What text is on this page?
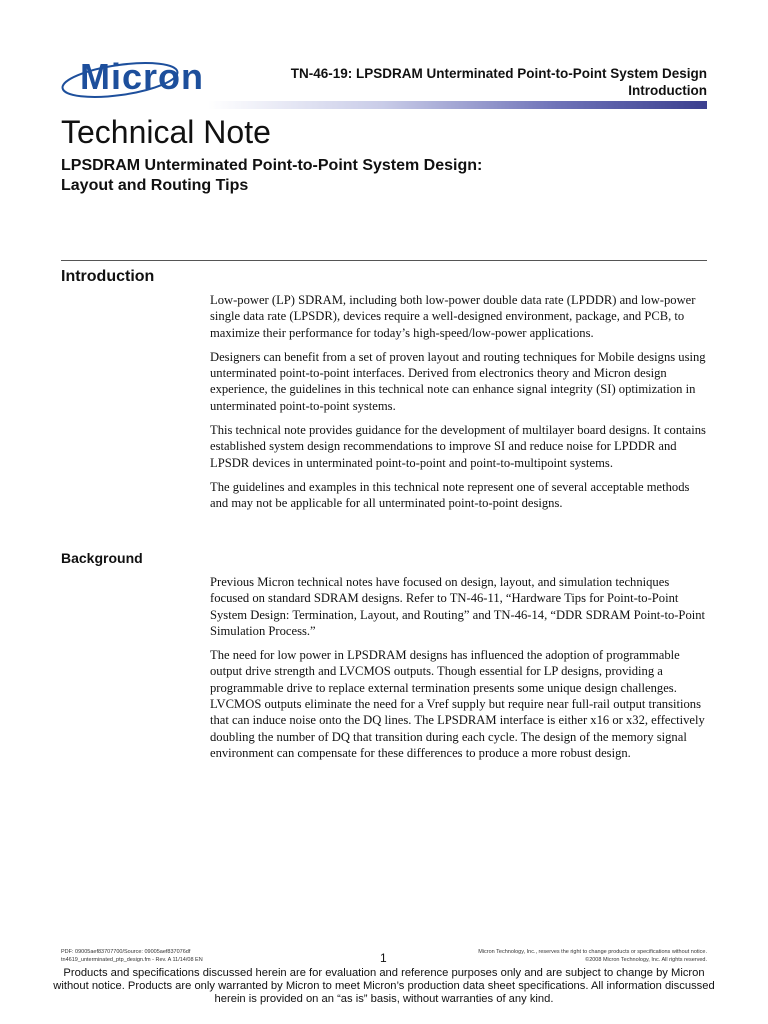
Micron	TN-46-19: LPSDRAM Unterminated Point-to-Point System Design
Introduction
Technical Note
LPSDRAM Unterminated Point-to-Point System Design:
Layout and Routing Tips
Introduction

Low-power (LP) SDRAM, including both low-power double data rate (LPDDR) and low-power single data rate (LPSDR), devices require a well-designed environment, package, and PCB, to maximize their performance for today’s high-speed/low-power applications.

Designers can benefit from a set of proven layout and routing techniques for Mobile designs using unterminated point-to-point interfaces. Derived from electronics theory and Micron design experience, the guidelines in this technical note can enhance signal integrity (SI) optimization in unterminated point-to-point systems.

This technical note provides guidance for the development of multilayer board designs. It contains established system design recommendations to improve SI and reduce noise for LPDDR and LPSDR devices in unterminated point-to-point and point-to-multipoint systems.

The guidelines and examples in this technical note represent one of several acceptable methods and may not be applicable for all unterminated point-to-point designs.

Background

Previous Micron technical notes have focused on design, layout, and simulation techniques focused on standard SDRAM designs. Refer to TN-46-11, “Hardware Tips for Point-to-Point System Design: Termination, Layout, and Routing” and TN-46-14, “DDR SDRAM Point-to-Point Simulation Process.”

The need for low power in LPSDRAM designs has influenced the adoption of programmable output drive strength and LVCMOS outputs. Though essential for LP designs, providing a programmable drive to replace external termination presents some unique design challenges. LVCMOS outputs eliminate the need for a Vref supply but require near full-rail output transitions that can induce noise onto the DQ lines. The LPSDRAM interface is either x16 or x32, effectively doubling the number of DQ that transition during each cycle. The design of the memory signal environment can compensate for these differences to produce a more robust design.

PDF: 09005aef83707700/Source: 09005aef837076df
tn4619_unterminated_ptp_design.fm - Rev. A 11/14/08 EN	1	Micron Technology, Inc., reserves the right to change products or specifications without notice.
©2008 Micron Technology, Inc. All rights reserved.
Products and specifications discussed herein are for evaluation and reference purposes only and are subject to change by Micron without notice. Products are only warranted by Micron to meet Micron’s production data sheet specifications. All information discussed herein is provided on an “as is” basis, without warranties of any kind.
